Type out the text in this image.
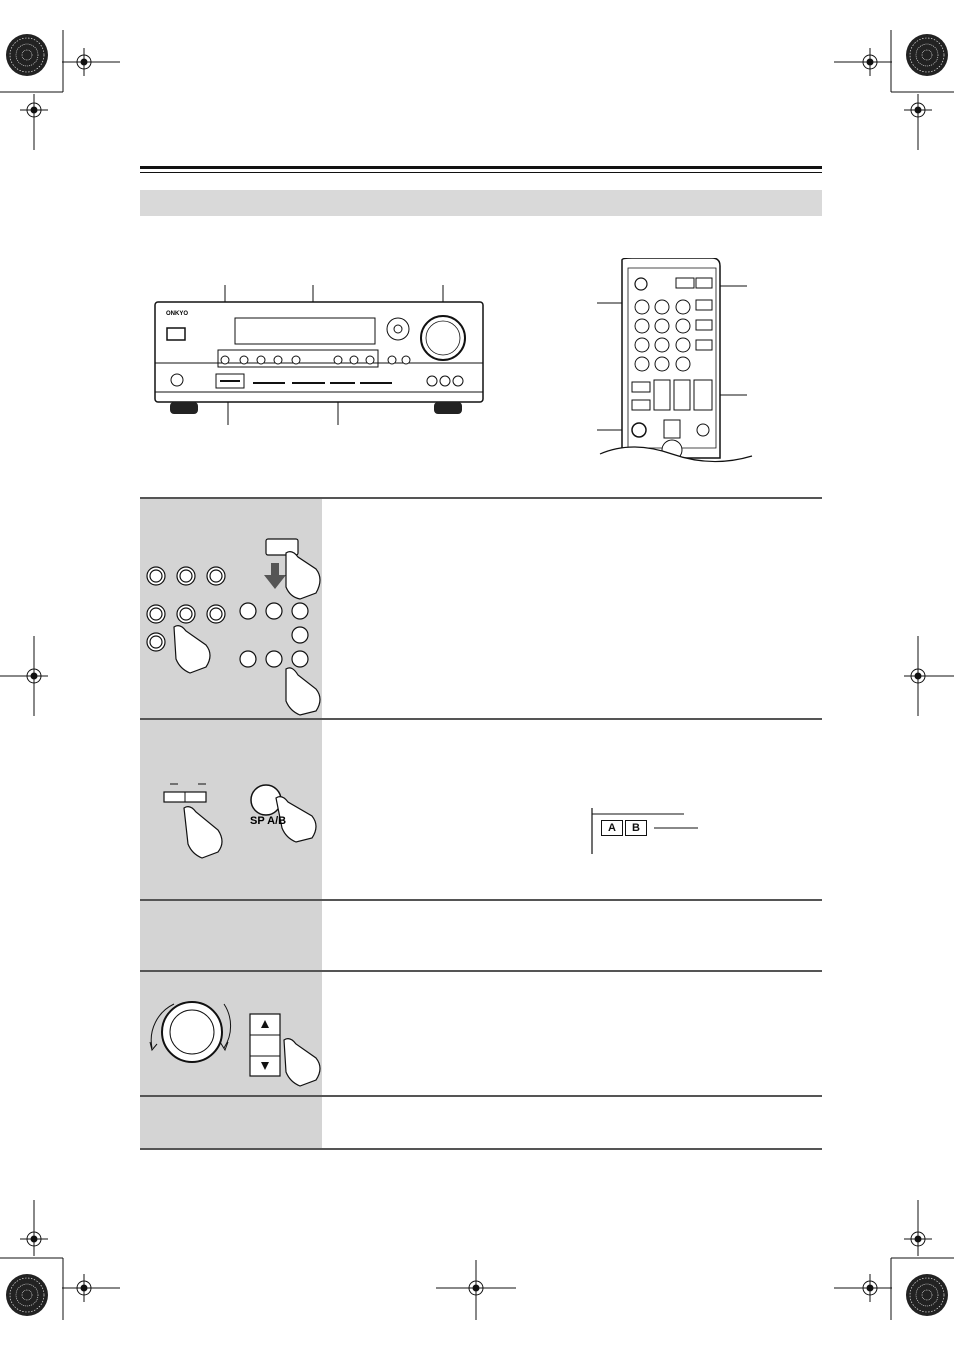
ONKYO
SP A/B
A	B
